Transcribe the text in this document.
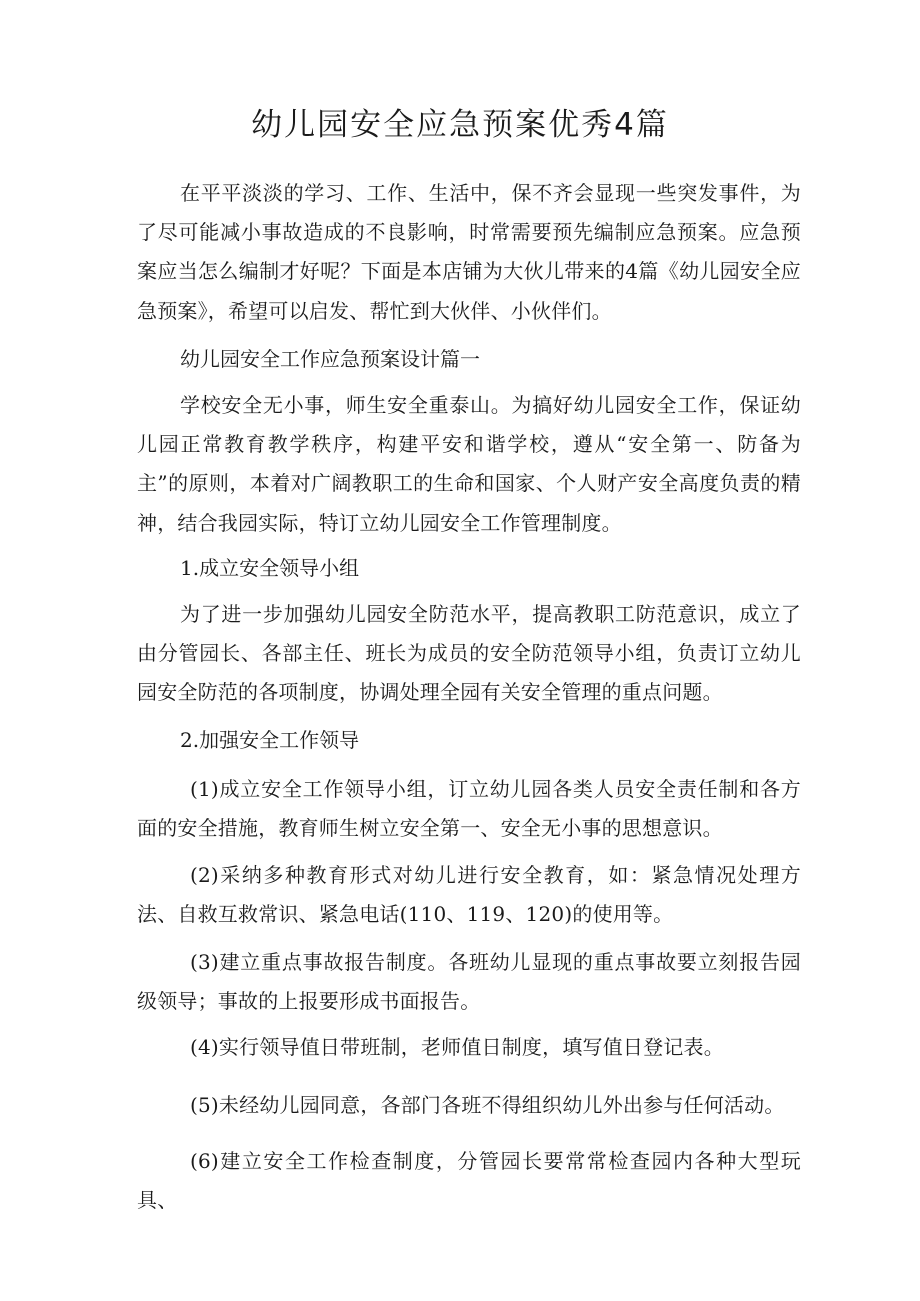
幼儿园安全应急预案优秀4篇

在平平淡淡的学习、工作、生活中，保不齐会显现一些突发事件，为了尽可能减小事故造成的不良影响，时常需要预先编制应急预案。应急预案应当怎么编制才好呢？下面是本店铺为大伙儿带来的4篇《幼儿园安全应急预案》，希望可以启发、帮忙到大伙伴、小伙伴们。

幼儿园安全工作应急预案设计篇一

学校安全无小事，师生安全重泰山。为搞好幼儿园安全工作，保证幼儿园正常教育教学秩序，构建平安和谐学校，遵从“安全第一、防备为主”的原则，本着对广阔教职工的生命和国家、个人财产安全高度负责的精神，结合我园实际，特订立幼儿园安全工作管理制度。

1.成立安全领导小组

为了进一步加强幼儿园安全防范水平，提高教职工防范意识，成立了由分管园长、各部主任、班长为成员的安全防范领导小组，负责订立幼儿园安全防范的各项制度，协调处理全园有关安全管理的重点问题。

2.加强安全工作领导

(1)成立安全工作领导小组，订立幼儿园各类人员安全责任制和各方面的安全措施，教育师生树立安全第一、安全无小事的思想意识。

(2)采纳多种教育形式对幼儿进行安全教育，如：紧急情况处理方法、自救互救常识、紧急电话(110、119、120)的使用等。

(3)建立重点事故报告制度。各班幼儿显现的重点事故要立刻报告园级领导；事故的上报要形成书面报告。

(4)实行领导值日带班制，老师值日制度，填写值日登记表。

(5)未经幼儿园同意，各部门各班不得组织幼儿外出参与任何活动。

(6)建立安全工作检查制度，分管园长要常常检查园内各种大型玩具、
